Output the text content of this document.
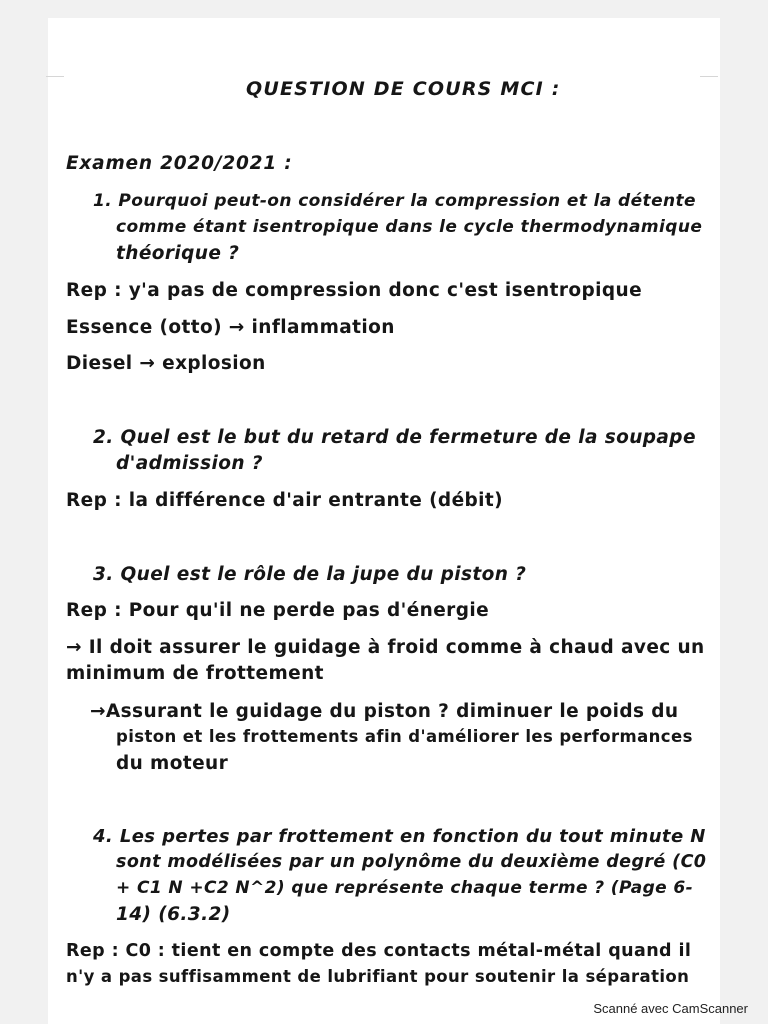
QUESTION DE COURS MCI :
Examen 2020/2021 :
1. Pourquoi peut-on considérer la compression et la détente
comme étant isentropique dans le cycle thermodynamique
théorique ?
Rep : y'a pas de compression donc c'est isentropique
Essence (otto) → inflammation
Diesel → explosion
2. Quel est le but du retard de fermeture de la soupape
d'admission ?
Rep : la différence d'air entrante (débit)
3. Quel est le rôle de la jupe du piston ?
Rep : Pour qu'il ne perde pas d'énergie
→ Il doit assurer le guidage à froid comme à chaud avec un
minimum de frottement
→Assurant le guidage du piston ? diminuer le poids du
piston et les frottements afin d'améliorer les performances
du moteur
4. Les pertes par frottement en fonction du tout minute N
sont modélisées par un polynôme du deuxième degré (C0
+ C1 N +C2 N^2) que représente chaque terme ? (Page 6-
14) (6.3.2)
Rep : C0 : tient en compte des contacts métal-métal quand il
n'y a pas suffisamment de lubrifiant pour soutenir la séparation
Scanné avec CamScanner
